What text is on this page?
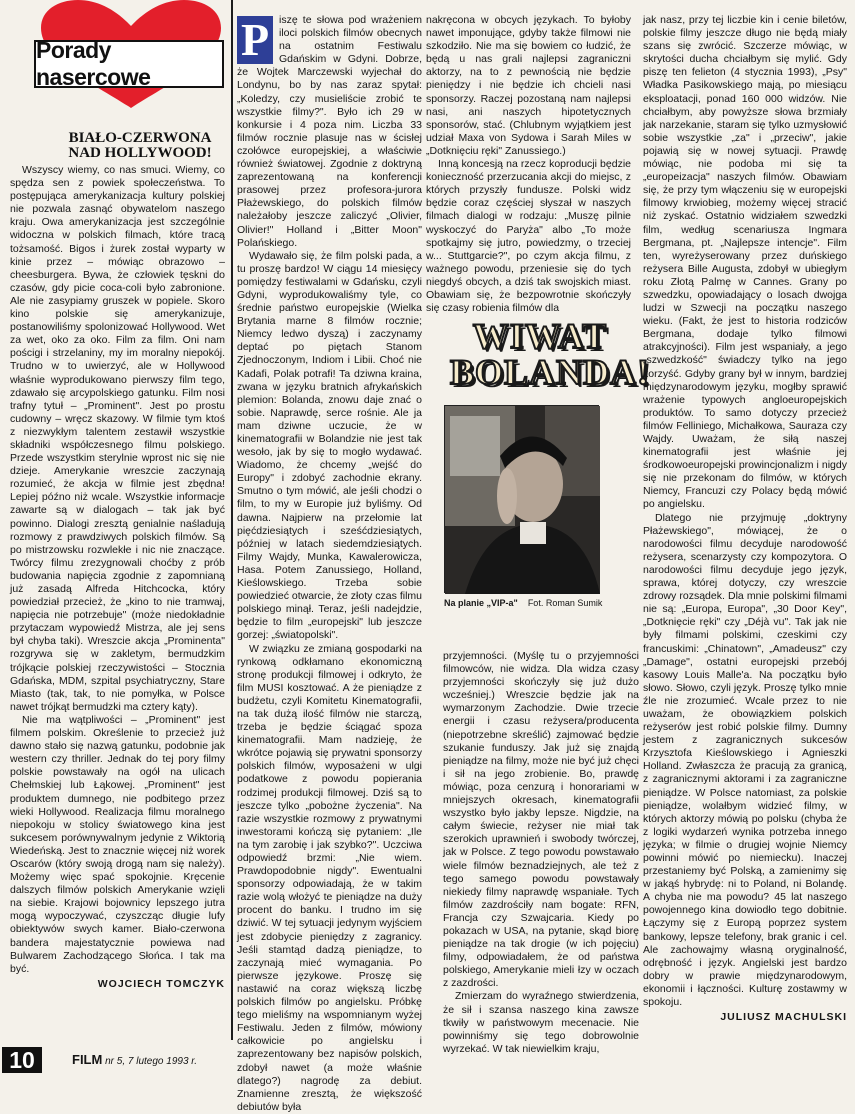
Porady nasercowe
BIAŁO-CZERWONA
NAD HOLLYWOOD!

Wszyscy wiemy, co nas smuci. Wiemy, co spędza sen z powiek społeczeństwa. To postępująca amerykanizacja kultury polskiej nie pozwala zasnąć obywatelom naszego kraju. Owa amerykanizacja jest szczególnie widoczna w polskich filmach, które tracą tożsamość. Bigos i żurek został wyparty w kinie przez – mówiąc obrazowo – cheesburgera. Bywa, że człowiek tęskni do czasów, gdy picie coca-coli było zabronione. Ale nie zasypiamy gruszek w popiele. Skoro kino polskie się amerykanizuje, postanowiliśmy spolonizować Hollywood. Wet za wet, oko za oko. Film za film. Oni nam pościgi i strzelaniny, my im moralny niepokój. Trudno w to uwierzyć, ale w Hollywood właśnie wyprodukowano pierwszy film tego, zdawało się arcypolskiego gatunku. Film nosi trafny tytuł – „Prominent". Jest po prostu cudowny – wręcz skazowy. W filmie tym ktoś z niezwykłym talentem zestawił wszystkie składniki współczesnego filmu polskiego. Przede wszystkim sterylnie wprost nic się nie dzieje. Amerykanie wreszcie zaczynają rozumieć, że akcja w filmie jest zbędna! Lepiej późno niż wcale. Wszystkie informacje zawarte są w dialogach – tak jak być powinno. Dialogi zresztą genialnie naśladują rozmowy z prawdziwych polskich filmów. Są po mistrzowsku rozwlekłe i nic nie znaczące. Twórcy filmu zrezygnowali choćby z prób budowania napięcia zgodnie z zapomnianą już zasadą Alfreda Hitchcocka, który powiedział przecież, że „kino to nie tramwaj, napięcia nie potrzebuje" (może niedokładnie przytaczam wypowiedź Mistrza, ale jej sens był chyba taki). Wreszcie akcja „Prominenta" rozgrywa się w zakletym, bermudzkim trójkącie polskiej rzeczywistości – Stocznia Gdańska, MDM, szpital psychiatryczny, Stare Miasto (tak, tak, to nie pomyłka, w Polsce nawet trójkąt bermudzki ma cztery kąty).

Nie ma wątpliwości – „Prominent" jest filmem polskim. Określenie to przecież już dawno stało się nazwą gatunku, podobnie jak western czy thriller. Jednak do tej pory filmy polskie powstawały na ogół na ulicach Chełmskiej lub Łąkowej. „Prominent" jest produktem dumnego, nie podbitego przez wieki Hollywood. Realizacja filmu moralnego niepokoju w stolicy światowego kina jest sukcesem porównywalnym jedynie z Wiktorią Wiedeńską. Jest to znacznie więcej niż worek Oscarów (który swoją drogą nam się należy). Możemy więc spać spokojnie. Kręcenie dalszych filmów polskich Amerykanie wzięli na siebie. Krajowi bojownicy lepszego jutra mogą wypoczywać, czyszcząc długie lufy obiektywów swych kamer. Biało-czerwona bandera majestatycznie powiewa nad Bulwarem Zachodzącego Słońca. I tak ma być.

WOJCIECH TOMCZYK
P iszę te słowa pod wrażeniem iloci polskich filmów obecnych na ostatnim Festiwalu Gdańskim w Gdyni. Dobrze, że Wojtek Marczewski wyjechał do Londynu, bo by nas zaraz spytał: „Koledzy, czy musieliście zrobić te wszystkie filmy?". Było ich 29 w konkursie i 4 poza nim. Liczba 33 filmów rocznie plasuje nas w ścisłej czołówce europejskiej, a właściwie również światowej. Zgodnie z doktryną zaprezentowaną na konferencji prasowej przez profesora-jurora Płażewskiego, do polskich filmów należałoby jeszcze zaliczyć „Olivier, Olivier!" Holland i „Bitter Moon" Polańskiego.

Wydawało się, że film polski pada, a tu proszę bardzo! W ciągu 14 miesięcy pomiędzy festiwalami w Gdańsku, czyli Gdyni, wyprodukowaliśmy tyle, co średnie państwo europejskie (Wielka Brytania marne 8 filmów rocznie; Niemcy ledwo dyszą) i zaczynamy deptać po piętach Stanom Zjednoczonym, Indiom i Libii. Choć nie Kadafi, Polak potrafi! Ta dziwna kraina, zwana w języku bratnich afrykańskich plemion: Bolanda, znowu daje znać o sobie. Naprawdę, serce rośnie. Ale ja mam dziwne uczucie, że w kinematografii w Bolandzie nie jest tak wesoło, jak by się to mogło wydawać. Wiadomo, że chcemy „wejść do Europy" i zdobyć zachodnie ekrany. Smutno o tym mówić, ale jeśli chodzi o film, to my w Europie już byliśmy. Od dawna. Najpierw na przełomie lat pięćdziesiątych i sześćdziesiątych, później w latach siedemdziesiątych. Filmy Wajdy, Munka, Kawalerowicza, Hasa. Potem Zanussiego, Holland, Kieślowskiego. Trzeba sobie powiedzieć otwarcie, że złoty czas filmu polskiego minął. Teraz, jeśli nadejdzie, będzie to film „europejski" lub jeszcze gorzej: „światopolski".

W związku ze zmianą gospodarki na rynkową odkłamano ekonomiczną stronę produkcji filmowej i odkryto, że film MUSI kosztować. A że pieniądze z budżetu, czyli Komitetu Kinematografii, na tak dużą ilość filmów nie starczą, trzeba je będzie ściągać spoza kinematografii. Mam nadzieję, że wkrótce pojawią się prywatni sponsorzy polskich filmów, wyposażeni w ulgi podatkowe z powodu popierania rodzimej produkcji filmowej. Dziś są to jeszcze tylko „pobożne życzenia". Na razie wszystkie rozmowy z prywatnymi inwestorami kończą się pytaniem: „Ile na tym zarobię i jak szybko?". Uczciwa odpowiedź brzmi: „Nie wiem. Prawdopodobnie nigdy". Ewentualni sponsorzy odpowiadają, że w takim razie wolą włożyć te pieniądze na duży procent do banku. I trudno im się dziwić. W tej sytuacji jedynym wyjściem jest zdobycie pieniędzy z zagranicy. Jeśli stamtąd dadzą pieniądze, to zaczynają mieć wymagania. Po pierwsze językowe. Proszę się nastawić na coraz większą liczbę polskich filmów po angielsku. Próbkę tego mieliśmy na wspomnianym wyżej Festiwalu. Jeden z filmów, mówiony całkowicie po angielsku i zaprezentowany bez napisów polskich, zdobył nawet (a może właśnie dlatego?) nagrodę za debiut. Znamienne zresztą, że większość debiutów była

nakręcona w obcych językach. To byłoby nawet imponujące, gdyby także filmowi nie szkodziło. Nie ma się bowiem co łudzić, że będą u nas grali najlepsi zagraniczni aktorzy, na to z pewnością nie będzie pieniędzy i nie będzie ich chcieli nasi sponsorzy. Raczej pozostaną nam najlepsi nasi, ani naszych hipotetycznych sponsorów, stać. (Chlubnym wyjątkiem jest udział Maxa von Sydowa i Sarah Miles w „Dotknięciu ręki" Zanussiego.)

Inną koncesją na rzecz koproducji będzie konieczność przerzucania akcji do miejsc, z których przyszły fundusze. Polski widz będzie coraz częściej słyszał w naszych filmach dialogi w rodzaju: „Muszę pilnie wyskoczyć do Paryża" albo „To może spotkajmy się jutro, powiedzmy, o trzeciej w... Stuttgarcie?", po czym akcja filmu, z ważnego powodu, przeniesie się do tych niegdyś obcych, a dziś tak swojskich miast. Obawiam się, że bezpowrotnie skończyły się czasy robienia filmów dla

WIWAT BOLANDA!
Na planie „VIP-a" Fot. Roman Sumik

przyjemności. (Myślę tu o przyjemności filmowców, nie widza. Dla widza czasy przyjemności skończyły się już dużo wcześniej.) Wreszcie będzie jak na wymarzonym Zachodzie. Dwie trzecie energii i czasu reżysera/producenta (niepotrzebne skreślić) zajmować będzie szukanie funduszy. Jak już się znajdą pieniądze na filmy, może nie być już chęci i sił na jego zrobienie. Bo, prawdę mówiąc, poza cenzurą i honorariami w mniejszych okresach, kinematografii wszystko było jakby lepsze. Nigdzie, na całym świecie, reżyser nie miał tak szerokich uprawnień i swobody twórczej, jak w Polsce. Z tego powodu powstawało wiele filmów beznadziejnych, ale też z tego samego powodu powstawały niekiedy filmy naprawdę wspaniałe. Tych filmów zazdrościły nam bogate: RFN, Francja czy Szwajcaria. Kiedy po pokazach w USA, na pytanie, skąd biorę pieniądze na tak drogie (w ich pojęciu) filmy, odpowiadałem, że od państwa polskiego, Amerykanie mieli łzy w oczach z zazdrości.

Zmierzam do wyraźnego stwierdzenia, że sił i szansa naszego kina zawsze tkwiły w państwowym mecenacie. Nie powinniśmy się tego dobrowolnie wyrzekać. W tak niewielkim kraju,

jak nasz, przy tej liczbie kin i cenie biletów, polskie filmy jeszcze długo nie będą miały szans się zwrócić. Szczerze mówiąc, w skrytości ducha chciałbym się mylić. Gdy piszę ten felieton (4 stycznia 1993), „Psy" Władka Pasikowskiego mają, po miesiącu eksploatacji, ponad 160 000 widzów. Nie chciałbym, aby powyższe słowa brzmiały jak narzekanie, staram się tylko uzmysłowić sobie wszystkie „za" i „przeciw", jakie pojawią się w nowej sytuacji. Prawdę mówiąc, nie podoba mi się ta „europeizacja" naszych filmów. Obawiam się, że przy tym włączeniu się w europejski filmowy krwiobieg, możemy więcej stracić niż zyskać. Ostatnio widziałem szwedzki film, według scenariusza Ingmara Bergmana, pt. „Najlepsze intencje". Film ten, wyreżyserowany przez duńskiego reżysera Bille Augusta, zdobył w ubiegłym roku Złotą Palmę w Cannes. Grany po szwedzku, opowiadający o losach dwojga ludzi w Szwecji na początku naszego wieku. (Fakt, że jest to historia rodziców Bergmana, dodaje tylko filmowi atrakcyjności). Film jest wspaniały, a jego „szwedzkość" świadczy tylko na jego korzyść. Gdyby grany był w innym, bardziej międzynarodowym języku, mogłby sprawić wrażenie typowych angloeuropejskich produktów. To samo dotyczy przecież filmów Felliniego, Michałkowa, Sauraza czy Wajdy. Uważam, że siłą naszej kinematografii jest właśnie jej środkowoeuropejski prowincjonalizm i nigdy się nie przekonam do filmów, w których Niemcy, Francuzi czy Polacy będą mówić po angielsku.

Dlatego nie przyjmuję „doktryny Płażewskiego", mówiącej, że o narodowości filmu decyduje narodowość reżysera, scenarzysty czy kompozytora. O narodowości filmu decyduje jego język, sprawa, której dotyczy, czy wreszcie zdrowy rozsądek. Dla mnie polskimi filmami nie są: „Europa, Europa", „30 Door Key", „Dotknięcie ręki" czy „Déjà vu". Tak jak nie były filmami polskimi, czeskimi czy francuskimi: „Chinatown", „Amadeusz" czy „Damage", ostatni europejski przebój kasowy Louis Malle'a. Na początku było słowo. Słowo, czyli język. Proszę tylko mnie źle nie zrozumieć. Wcale przez to nie uważam, że obowiązkiem polskich reżyserów jest robić polskie filmy. Dumny jestem z zagranicznych sukcesów Krzysztofa Kieślowskiego i Agnieszki Holland. Zwłaszcza że pracują za granicą, z zagranicznymi aktorami i za zagraniczne pieniądze. W Polsce natomiast, za polskie pieniądze, wolałbym widzieć filmy, w których aktorzy mówią po polsku (chyba że z logiki wydarzeń wynika potrzeba innego języka; w filmie o drugiej wojnie Niemcy powinni mówić po niemiecku). Inaczej przestaniemy być Polską, a zamienimy się w jakąś hybrydę: ni to Poland, ni Bolandę. A chyba nie ma powodu? 45 lat naszego powojennego kina dowiodło tego dobitnie. Łączymy się z Europą poprzez system bankowy, lepsze telefony, brak granic i cel. Ale zachowajmy własną oryginalność, odrębność i język. Angielski jest bardzo dobry w prawie międzynarodowym, ekonomii i łączności. Kulturę zostawmy w spokoju.

JULIUSZ MACHULSKI
10	FILM nr 5, 7 lutego 1993 r.
